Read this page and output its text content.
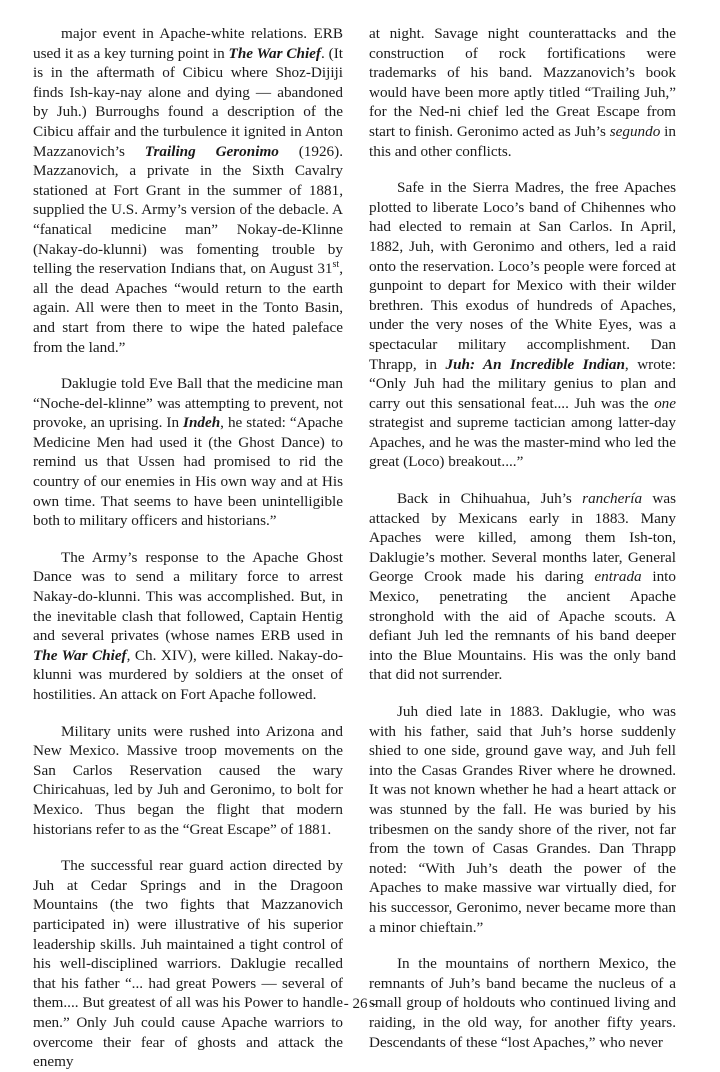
major event in Apache-white relations. ERB used it as a key turning point in The War Chief. (It is in the aftermath of Cibicu where Shoz-Dijiji finds Ish-kay-nay alone and dying — abandoned by Juh.) Burroughs found a description of the Cibicu affair and the turbulence it ignited in Anton Mazzanovich’s Trailing Geronimo (1926). Mazzanovich, a private in the Sixth Cavalry stationed at Fort Grant in the summer of 1881, supplied the U.S. Army’s version of the debacle. A “fanatical medicine man” Nokay-de-Klinne (Nakay-do-klunni) was fomenting trouble by telling the reservation Indians that, on August 31st, all the dead Apaches “would return to the earth again. All were then to meet in the Tonto Basin, and start from there to wipe the hated paleface from the land.”

Daklugie told Eve Ball that the medicine man “Noche-del-klinne” was attempting to prevent, not provoke, an uprising. In Indeh, he stated: “Apache Medicine Men had used it (the Ghost Dance) to remind us that Ussen had promised to rid the country of our enemies in His own way and at His own time. That seems to have been unintelligible both to military officers and historians.”

The Army’s response to the Apache Ghost Dance was to send a military force to arrest Nakay-do-klunni. This was accomplished. But, in the inevitable clash that followed, Captain Hentig and several privates (whose names ERB used in The War Chief, Ch. XIV), were killed. Nakay-do-klunni was murdered by soldiers at the onset of hostilities. An attack on Fort Apache followed.

Military units were rushed into Arizona and New Mexico. Massive troop movements on the San Carlos Reservation caused the wary Chiricahuas, led by Juh and Geronimo, to bolt for Mexico. Thus began the flight that modern historians refer to as the “Great Escape” of 1881.

The successful rear guard action directed by Juh at Cedar Springs and in the Dragoon Mountains (the two fights that Mazzanovich participated in) were illustrative of his superior leadership skills. Juh maintained a tight control of his well-disciplined warriors. Daklugie recalled that his father “... had great Powers — several of them.... But greatest of all was his Power to handle men.” Only Juh could cause Apache warriors to overcome their fear of ghosts and attack the enemy

at night. Savage night counterattacks and the construction of rock fortifications were trademarks of his band. Mazzanovich’s book would have been more aptly titled “Trailing Juh,” for the Ned-ni chief led the Great Escape from start to finish. Geronimo acted as Juh’s segundo in this and other conflicts.

Safe in the Sierra Madres, the free Apaches plotted to liberate Loco’s band of Chihennes who had elected to remain at San Carlos. In April, 1882, Juh, with Geronimo and others, led a raid onto the reservation. Loco’s people were forced at gunpoint to depart for Mexico with their wilder brethren. This exodus of hundreds of Apaches, under the very noses of the White Eyes, was a spectacular military accomplishment. Dan Thrapp, in Juh: An Incredible Indian, wrote: “Only Juh had the military genius to plan and carry out this sensational feat.... Juh was the one strategist and supreme tactician among latter-day Apaches, and he was the master-mind who led the great (Loco) breakout....”

Back in Chihuahua, Juh’s ranchería was attacked by Mexicans early in 1883. Many Apaches were killed, among them Ish-ton, Daklugie’s mother. Several months later, General George Crook made his daring entrada into Mexico, penetrating the ancient Apache stronghold with the aid of Apache scouts. A defiant Juh led the remnants of his band deeper into the Blue Mountains. His was the only band that did not surrender.

Juh died late in 1883. Daklugie, who was with his father, said that Juh’s horse suddenly shied to one side, ground gave way, and Juh fell into the Casas Grandes River where he drowned. It was not known whether he had a heart attack or was stunned by the fall. He was buried by his tribesmen on the sandy shore of the river, not far from the town of Casas Grandes. Dan Thrapp noted: “With Juh’s death the power of the Apaches to make massive war virtually died, for his successor, Geronimo, never became more than a minor chieftain.”

In the mountains of northern Mexico, the remnants of Juh’s band became the nucleus of a small group of holdouts who continued living and raiding, in the old way, for another fifty years. Descendants of these “lost Apaches,” who never

- 26 -
